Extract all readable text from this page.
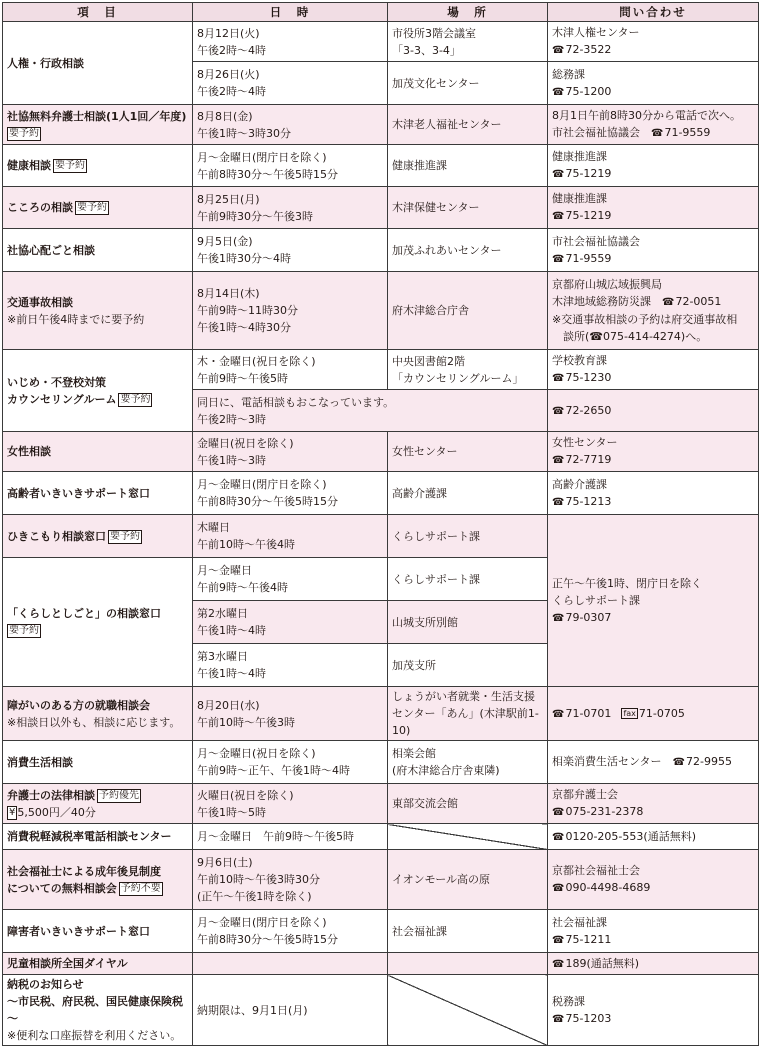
項　目	日　時	場　所	問い合わせ
人権・行政相談	8月12日(火)
午後2時～4時	市役所3階会議室
「3-3、3-4」	木津人権センター
☎72-3522

	8月26日(火)
午後2時～4時	加茂文化センター	総務課
☎75-1200

社協無料弁護士相談(1人1回／年度)
要予約	8月8日(金)
午後1時～3時30分	木津老人福祉センター	8月1日午前8時30分から電話で次へ。
市社会福祉協議会　 ☎71-9559

健康相談 要予約	月～金曜日(閉庁日を除く)
午前8時30分～午後5時15分	健康推進課	健康推進課
☎75-1219

こころの相談 要予約	8月25日(月)
午前9時30分～午後3時	木津保健センター	健康推進課
☎75-1219

社協心配ごと相談	9月5日(金)
午後1時30分～4時	加茂ふれあいセンター	市社会福祉協議会
☎71-9559

交通事故相談
※前日午後4時までに要予約	8月14日(木)
午前9時～11時30分
午後1時～4時30分	府木津総合庁舎	京都府山城広域振興局
木津地域総務防災課　 ☎72-0051
※交通事故相談の予約は府交通事故相
談所(☎075-414-4274)へ。

いじめ・不登校対策
カウンセリングルーム 要予約	木・金曜日(祝日を除く)
午前9時～午後5時	中央図書館2階
「カウンセリングルーム」	学校教育課
☎75-1230

	同日に、電話相談もおこなっています。
午後2時～3時		☎72-2650
女性相談	金曜日(祝日を除く)
午後1時～3時	女性センター	女性センター
☎72-7719

高齢者いきいきサポート窓口	月～金曜日(閉庁日を除く)
午前8時30分～午後5時15分	高齢介護課	高齢介護課
☎75-1213

ひきこもり相談窓口 要予約	木曜日
午前10時～午後4時	くらしサポート課	正午～午後1時、閉庁日を除く
くらしサポート課
☎79-0307

「くらしとしごと」の相談窓口
要予約	月～金曜日
午前9時～午後4時	くらしサポート課	

	第2水曜日
午後1時～4時	山城支所別館	

	第3水曜日
午後1時～4時	加茂支所	

障がいのある方の就職相談会
※相談日以外も、相談に応じます。	8月20日(水)
午前10時～午後3時	しょうがい者就業・生活支援
センター「あん」(木津駅前1-10)	☎71-0701 fax 71-0705
消費生活相談	月～金曜日(祝日を除く)
午前9時～正午、午後1時～4時	相楽会館
(府木津総合庁舎東隣)	相楽消費生活センター　 ☎72-9955

弁護士の法律相談 予約優先
¥ 5,500円／40分	火曜日(祝日を除く)
午後1時～5時	東部交流会館	京都弁護士会
☎075-231-2378

消費税軽減税率電話相談センター	月～金曜日　午前9時～午後5時		☎0120-205-553(通話無料)

社会福祉士による成年後見制度
についての無料相談会 予約不要	9月6日(土)
午前10時～午後3時30分
(正午～午後1時を除く)	イオンモール高の原	京都社会福祉士会
☎090-4498-4689

障害者いきいきサポート窓口	月～金曜日(閉庁日を除く)
午前8時30分～午後5時15分	社会福祉課	社会福祉課
☎75-1211

児童相談所全国ダイヤル			☎189(通話無料)

納税のお知らせ
～市民税、府民税、国民健康保険税～
※便利な口座振替を利用ください。	納期限は、9月1日(月)		税務課
☎75-1203
